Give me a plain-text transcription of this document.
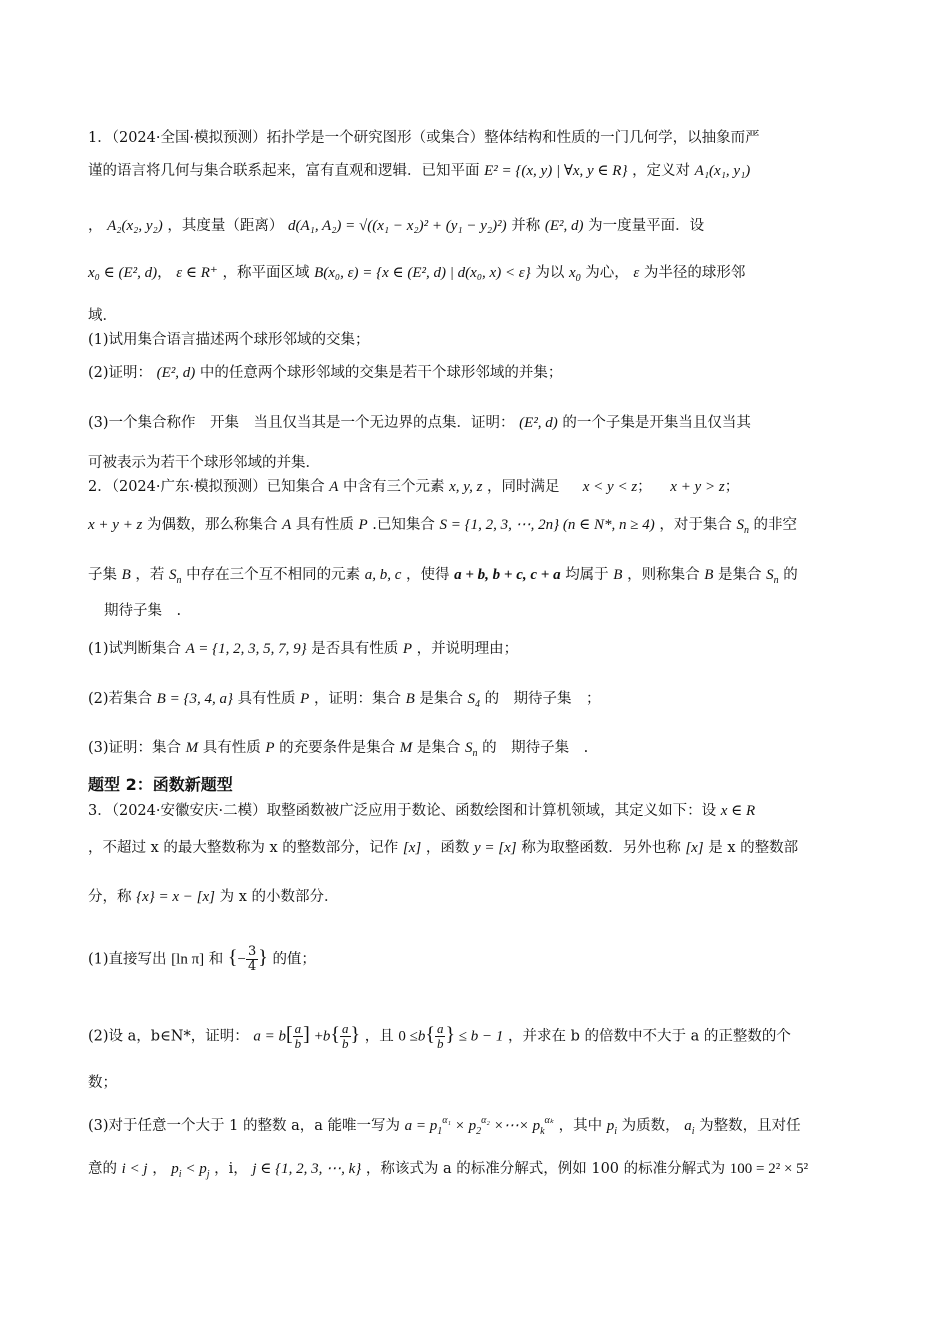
1．（2024·全国·模拟预测）拓扑学是一个研究图形（或集合）整体结构和性质的一门几何学，以抽象而严
谨的语言将几何与集合联系起来，富有直观和逻辑．已知平面 E² = {(x, y) | ∀x, y ∈ R} ，定义对 A₁(x₁, y₁)
， A₂(x₂, y₂) ，其度量（距离） d(A₁, A₂) = √((x₁ − x₂)² + (y₁ − y₂)²) 并称 (E², d) 为一度量平面．设
x₀ ∈ (E², d)， ε ∈ R⁺ ，称平面区域 B(x₀, ε) = {x ∈ (E², d) | d(x₀, x) < ε} 为以 $x_0$ 为心， ε 为半径的球形邻
域．
(1)试用集合语言描述两个球形邻域的交集；
(2)证明： (E², d) 中的任意两个球形邻域的交集是若干个球形邻域的并集；
(3)一个集合称作　开集　当且仅当其是一个无边界的点集．证明： (E², d) 的一个子集是开集当且仅当其
可被表示为若干个球形邻域的并集．
2．（2024·广东·模拟预测）已知集合 A 中含有三个元素 x, y, z ，同时满足 x < y < z； x + y > z；
x + y + z 为偶数，那么称集合 A 具有性质 P .已知集合 S = {1, 2, 3, ⋯, 2n} (n ∈ N*, n ≥ 4) ，对于集合 $S_n$ 的非空
子集 B ，若 $S_n$ 中存在三个互不相同的元素 a, b, c ，使得 a + b, b + c, c + a 均属于 B ，则称集合 B 是集合 $S_n$ 的
期待子集　.
(1)试判断集合 A = {1, 2, 3, 5, 7, 9} 是否具有性质 P ，并说明理由；
(2)若集合 B = {3, 4, a} 具有性质 P ，证明：集合 B 是集合 $S_4$ 的　期待子集　；
(3)证明：集合 M 具有性质 P 的充要条件是集合 M 是集合 $S_n$ 的　期待子集　.
题型 2：函数新题型
3．（2024·安徽安庆·二模）取整函数被广泛应用于数论、函数绘图和计算机领域，其定义如下：设 x ∈ R
，不超过 x 的最大整数称为 x 的整数部分，记作 [x] ，函数 y = [x] 称为取整函数．另外也称 [x] 是 x 的整数部
分，称 {x} = x − [x] 为 x 的小数部分．
(1)直接写出 [ln π] 和 {− $\frac{3}{4}$ } 的值；
(2)设 a，b∈N*，证明： $a = b[ \frac{a}{b}$ ] $+b\{ \frac{a}{b}$ } ，且 $0 \le b\{ \frac{a}{b}$ } ≤ b − 1 ，并求在 b 的倍数中不大于 a 的正整数的个
数；
(3)对于任意一个大于 1 的整数 a，a 能唯一写为 $a = p_1^{\alpha_1} \times p_2^{\alpha_2}$ ×⋯× $p_k^{\alpha_k}$ ，其中 $p_i$ 为质数， $a_i$ 为整数，且对任
意的 i < j ， $p_i < p_j$ ，i， j ∈ {1, 2, 3, ⋯, k} ，称该式为 a 的标准分解式，例如 100 的标准分解式为 100 = 2² × 5²
